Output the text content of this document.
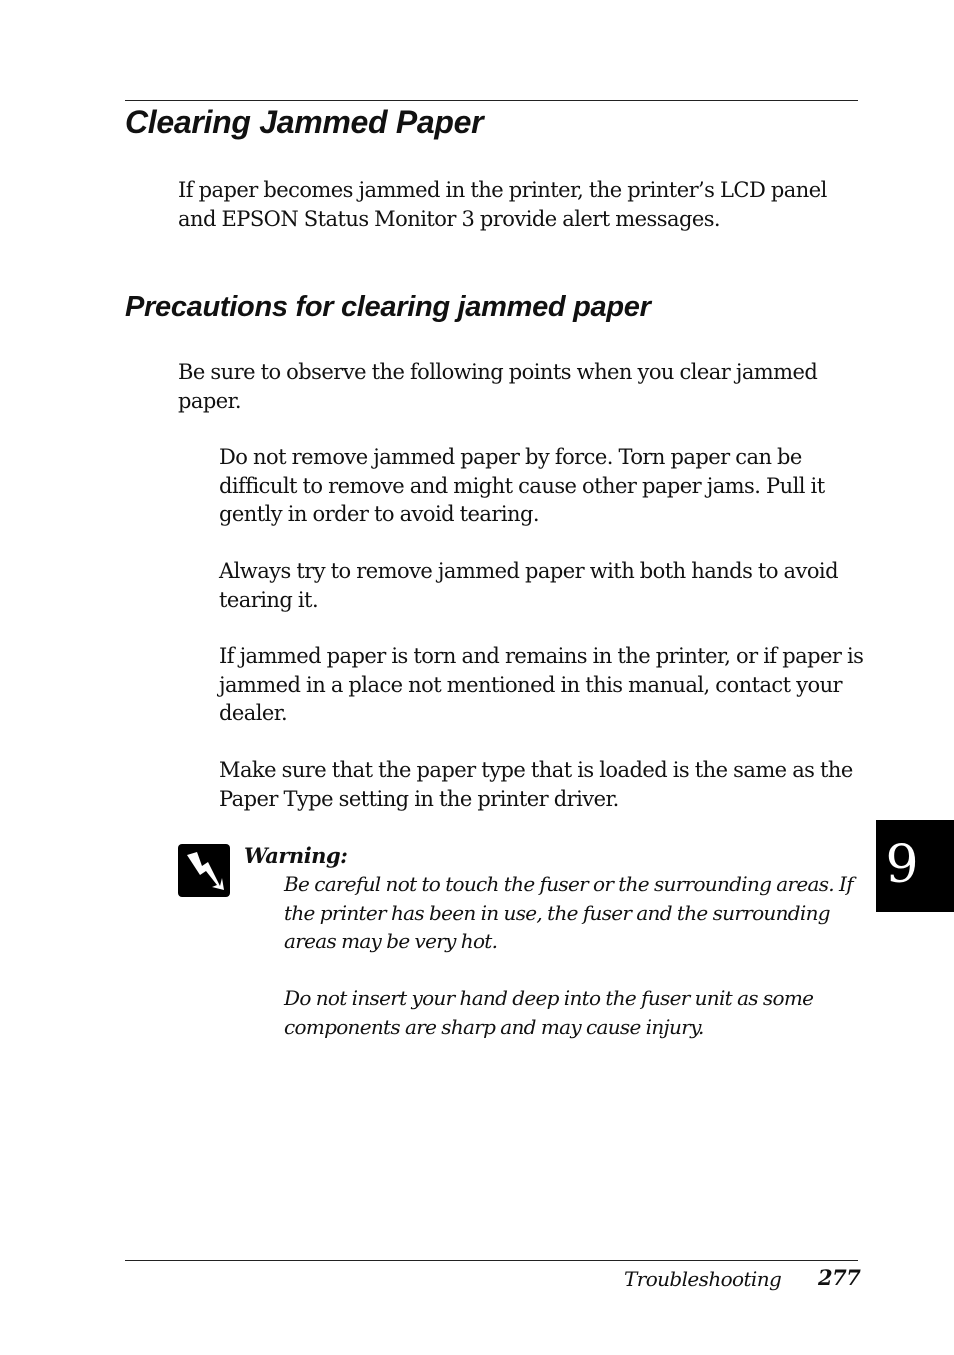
Clearing Jammed Paper

If paper becomes jammed in the printer, the printer’s LCD panel and EPSON Status Monitor 3 provide alert messages.

Precautions for clearing jammed paper

Be sure to observe the following points when you clear jammed paper.

Do not remove jammed paper by force. Torn paper can be difficult to remove and might cause other paper jams. Pull it gently in order to avoid tearing.

Always try to remove jammed paper with both hands to avoid tearing it.

If jammed paper is torn and remains in the printer, or if paper is jammed in a place not mentioned in this manual, contact your dealer.

Make sure that the paper type that is loaded is the same as the Paper Type setting in the printer driver.

Warning:

Be careful not to touch the fuser or the surrounding areas. If the printer has been in use, the fuser and the surrounding areas may be very hot.

Do not insert your hand deep into the fuser unit as some components are sharp and may cause injury.

9

Troubleshooting 277
